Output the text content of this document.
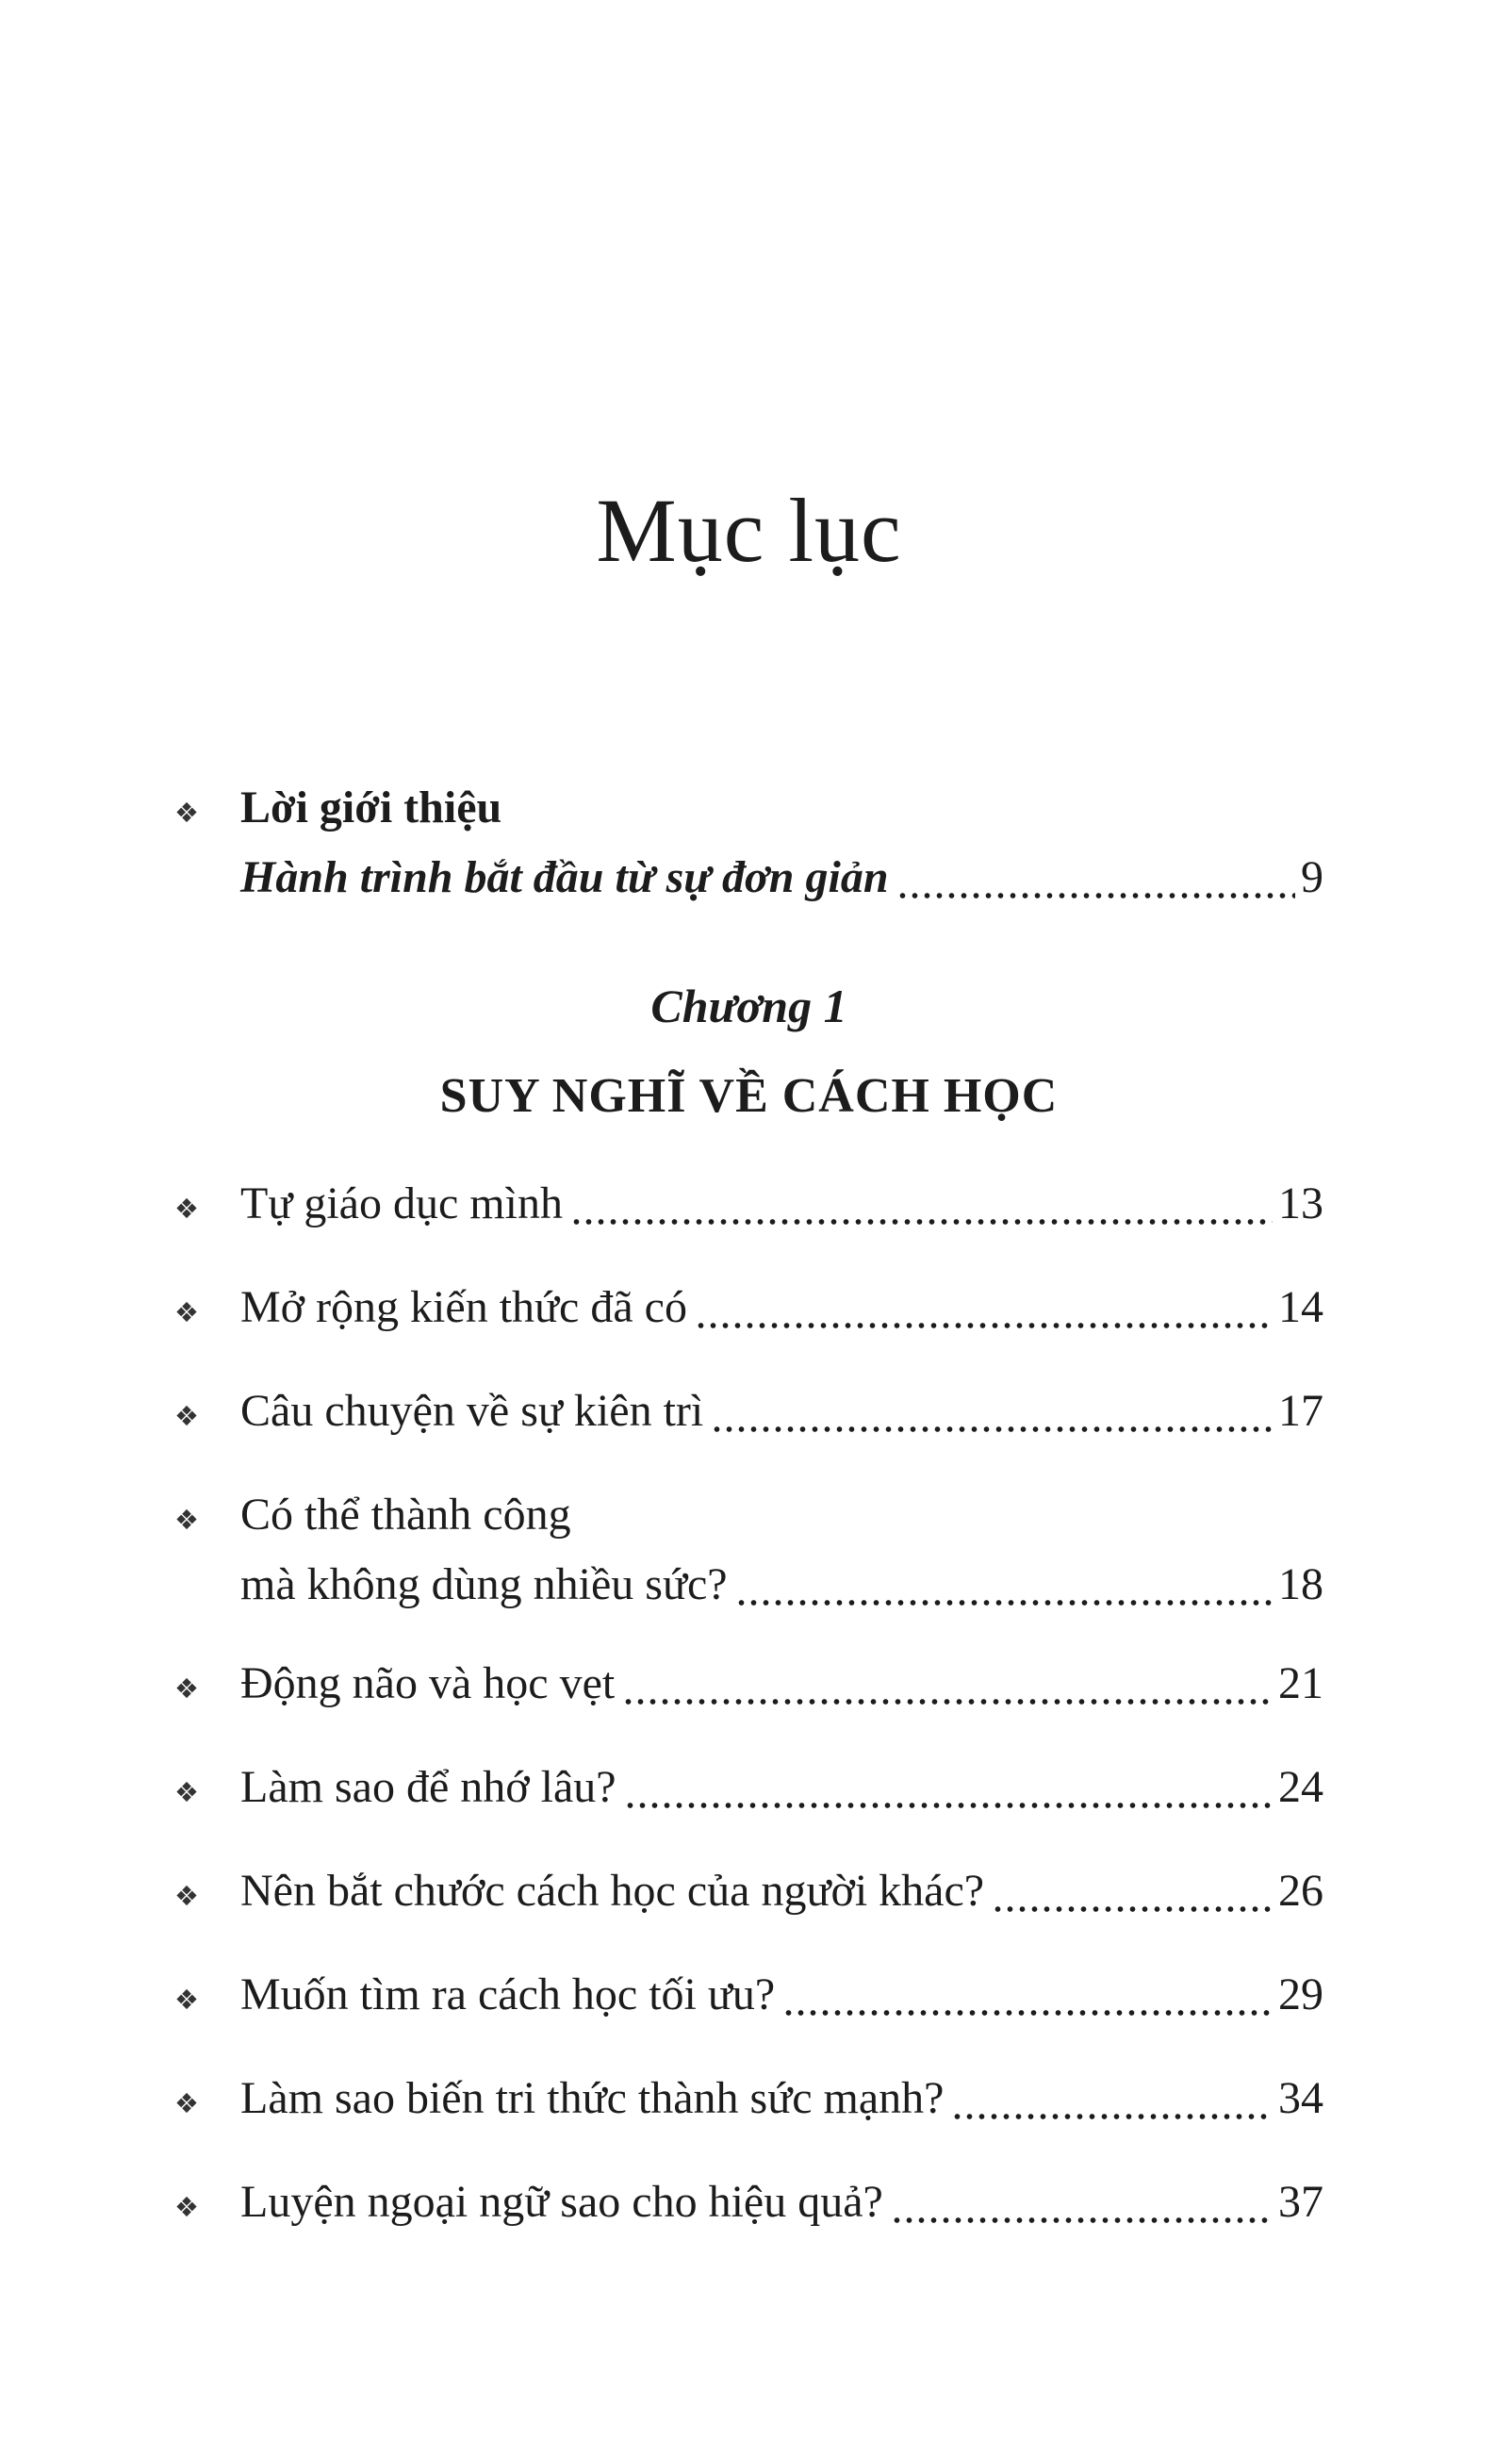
Mục lục
❖ Lời giới thiệu
Hành trình bắt đầu từ sự đơn giản	9
Chương 1
SUY NGHĨ VỀ CÁCH HỌC
❖ Tự giáo dục mình	13
❖ Mở rộng kiến thức đã có	14
❖ Câu chuyện về sự kiên trì	17
❖ Có thể thành công
mà không dùng nhiều sức?	18
❖ Động não và học vẹt	21
❖ Làm sao để nhớ lâu?	24
❖ Nên bắt chước cách học của người khác?	26
❖ Muốn tìm ra cách học tối ưu?	29
❖ Làm sao biến tri thức thành sức mạnh?	34
❖ Luyện ngoại ngữ sao cho hiệu quả?	37
